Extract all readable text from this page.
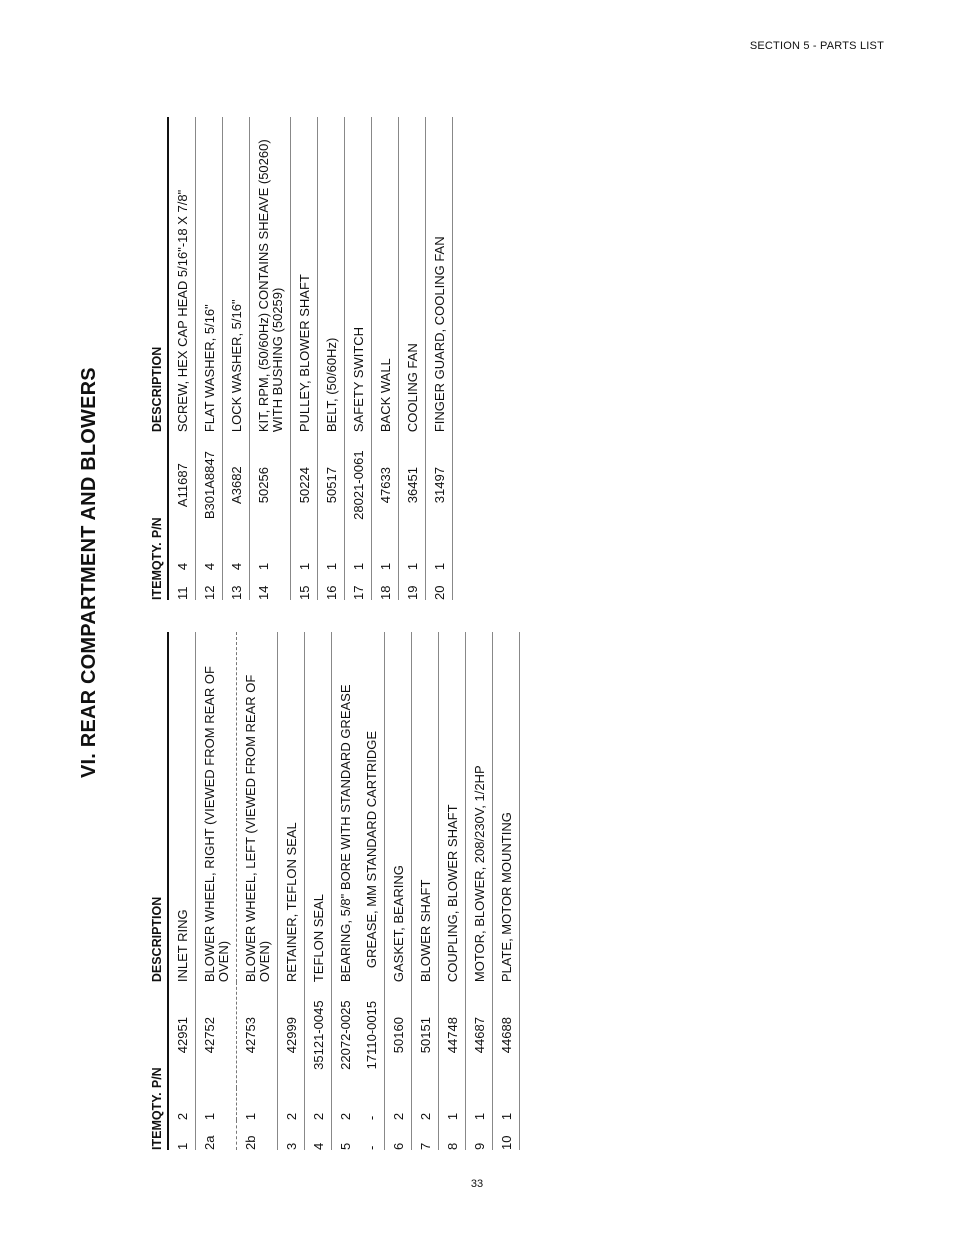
SECTION 5 - PARTS LIST
VI. REAR COMPARTMENT AND BLOWERS
ITEM	QTY.	P/N	DESCRIPTION
1	2	42951	INLET RING
2a	1	42752	BLOWER WHEEL, RIGHT (VIEWED FROM REAR OF OVEN)
2b	1	42753	BLOWER WHEEL, LEFT (VIEWED FROM REAR OF OVEN)
3	2	42999	RETAINER, TEFLON SEAL
4	2	35121-0045	TEFLON SEAL
5	2	22072-0025	BEARING, 5/8" BORE WITH STANDARD GREASE
-	-	17110-0015	GREASE, MM STANDARD CARTRIDGE

6	2	50160	GASKET, BEARING
7	2	50151	BLOWER SHAFT
8	1	44748	COUPLING, BLOWER SHAFT
9	1	44687	MOTOR, BLOWER, 208/230V, 1/2HP
10	1	44688	PLATE, MOTOR MOUNTING
ITEM	QTY.	P/N	DESCRIPTION
11	4	A11687	SCREW, HEX CAP HEAD 5/16"-18 X 7/8"
12	4	B301A8847	FLAT WASHER, 5/16"
13	4	A3682	LOCK WASHER, 5/16"
14	1	50256	KIT, RPM, (50/60Hz) CONTAINS SHEAVE (50260) WITH BUSHING (50259)
15	1	50224	PULLEY, BLOWER SHAFT
16	1	50517	BELT, (50/60Hz)
17	1	28021-0061	SAFETY SWITCH
18	1	47633	BACK WALL
19	1	36451	COOLING FAN
20	1	31497	FINGER GUARD, COOLING FAN
33
